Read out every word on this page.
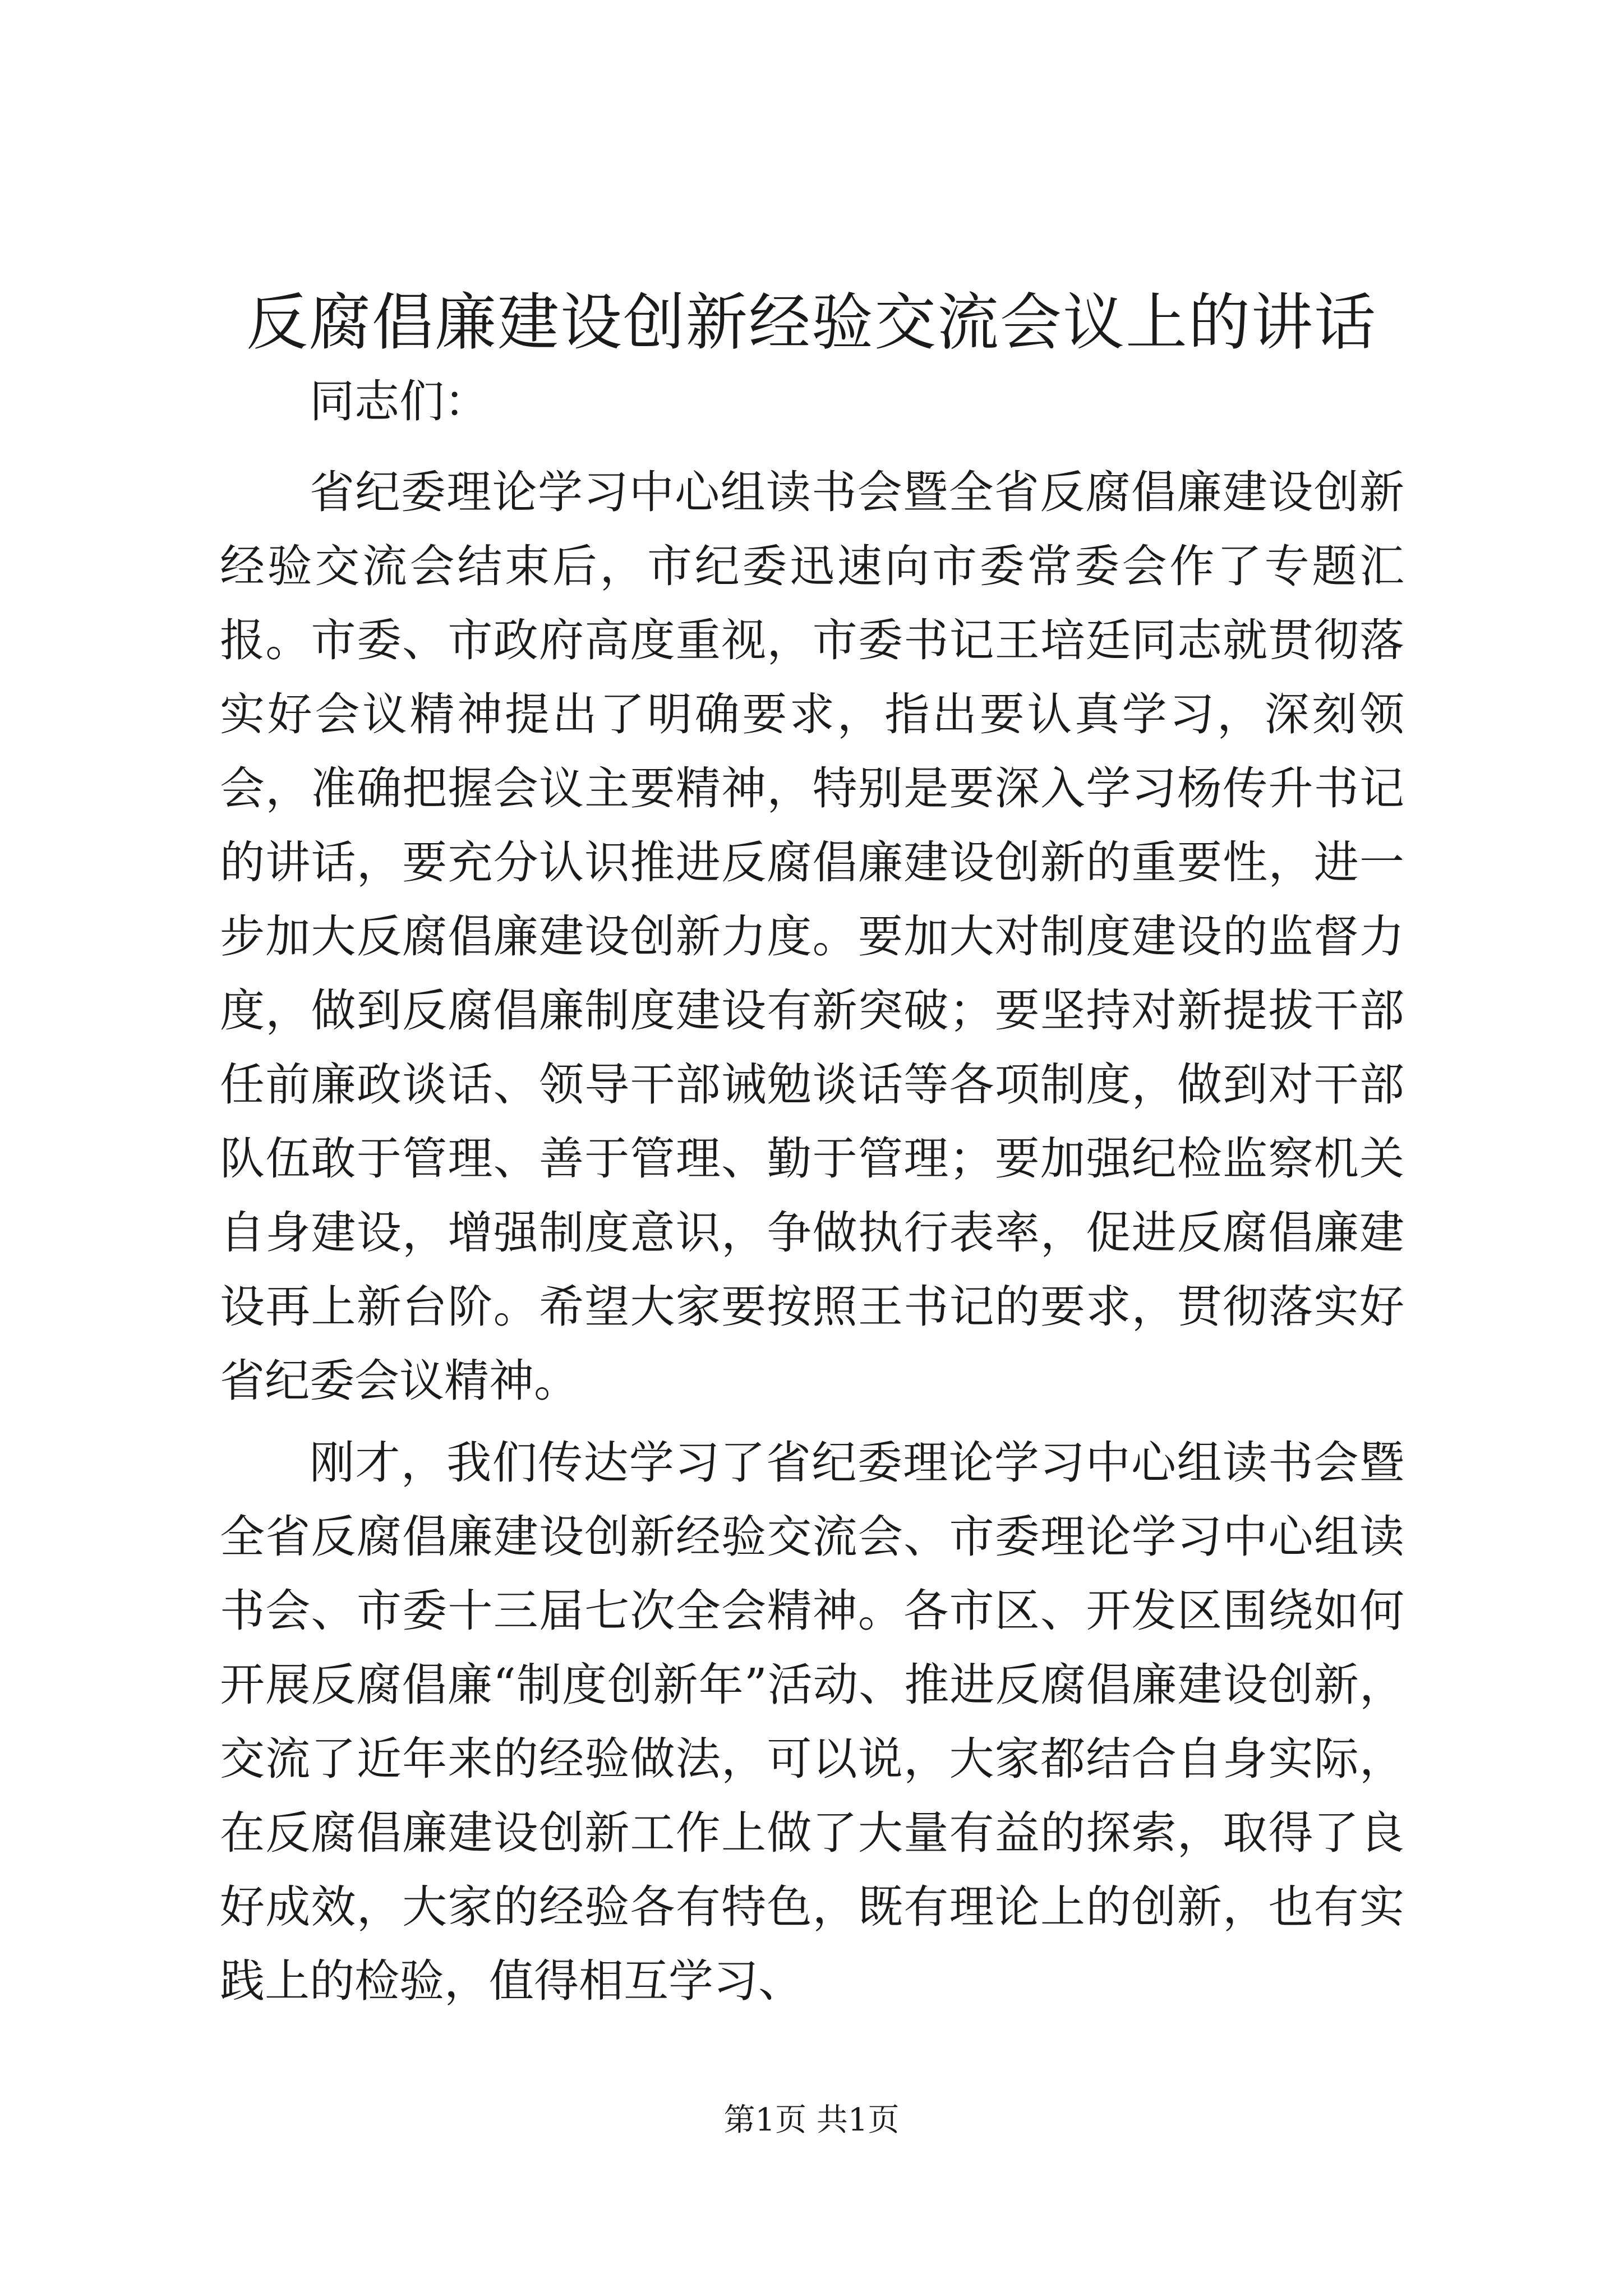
反腐倡廉建设创新经验交流会议上的讲话

同志们：

省纪委理论学习中心组读书会暨全省反腐倡廉建设创新经验交流会结束后，市纪委迅速向市委常委会作了专题汇报。市委、市政府高度重视，市委书记王培廷同志就贯彻落实好会议精神提出了明确要求，指出要认真学习，深刻领会，准确把握会议主要精神，特别是要深入学习杨传升书记的讲话，要充分认识推进反腐倡廉建设创新的重要性，进一步加大反腐倡廉建设创新力度。要加大对制度建设的监督力度，做到反腐倡廉制度建设有新突破；要坚持对新提拔干部任前廉政谈话、领导干部诫勉谈话等各项制度，做到对干部队伍敢于管理、善于管理、勤于管理；要加强纪检监察机关自身建设，增强制度意识，争做执行表率，促进反腐倡廉建设再上新台阶。希望大家要按照王书记的要求，贯彻落实好省纪委会议精神。

刚才，我们传达学习了省纪委理论学习中心组读书会暨全省反腐倡廉建设创新经验交流会、市委理论学习中心组读书会、市委十三届七次全会精神。各市区、开发区围绕如何开展反腐倡廉“制度创新年”活动、推进反腐倡廉建设创新，交流了近年来的经验做法，可以说，大家都结合自身实际，在反腐倡廉建设创新工作上做了大量有益的探索，取得了良好成效，大家的经验各有特色，既有理论上的创新，也有实践上的检验，值得相互学习、

第1页 共1页
